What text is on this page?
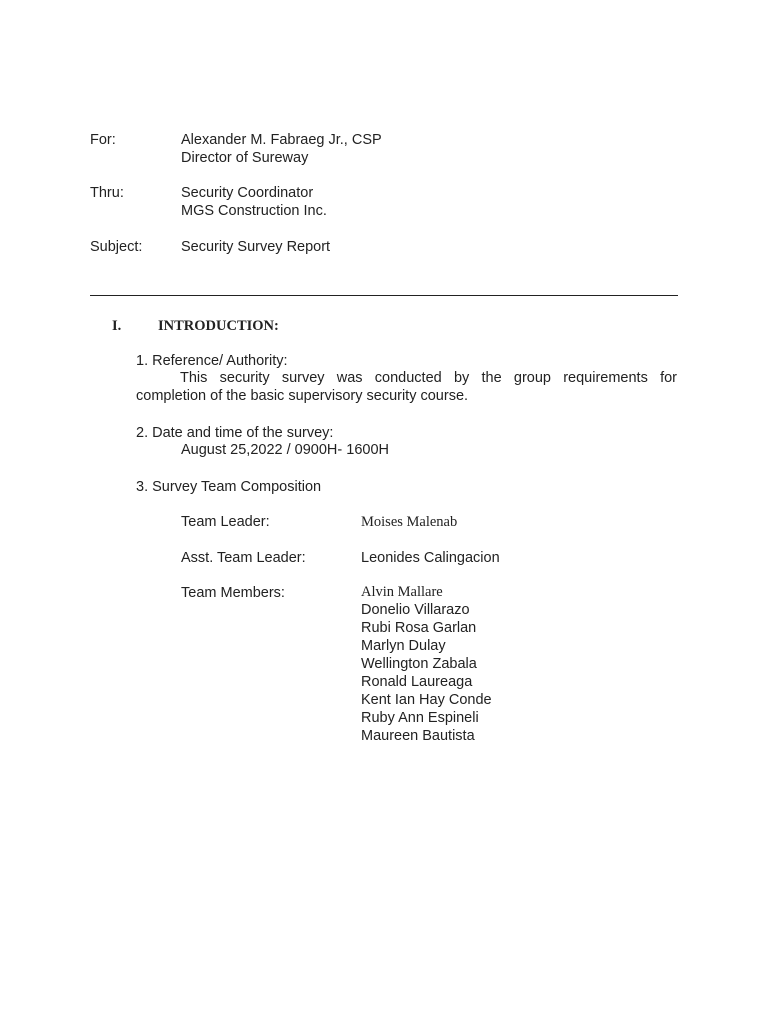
For:	Alexander M. Fabraeg Jr., CSP
Director of Sureway
Thru:	Security Coordinator
MGS Construction Inc.
Subject:	Security Survey Report
I.	INTRODUCTION:
1. Reference/ Authority:
This security survey was conducted by the group requirements for completion of the basic supervisory security course.
2. Date and time of the survey:
August 25,2022 / 0900H- 1600H
3. Survey Team Composition
Team Leader:	Moises Malenab
Asst. Team Leader:	Leonides Calingacion
Team Members:	Alvin Mallare
Donelio Villarazo
Rubi Rosa Garlan
Marlyn Dulay
Wellington Zabala
Ronald Laureaga
Kent Ian Hay Conde
Ruby Ann Espineli
Maureen Bautista
